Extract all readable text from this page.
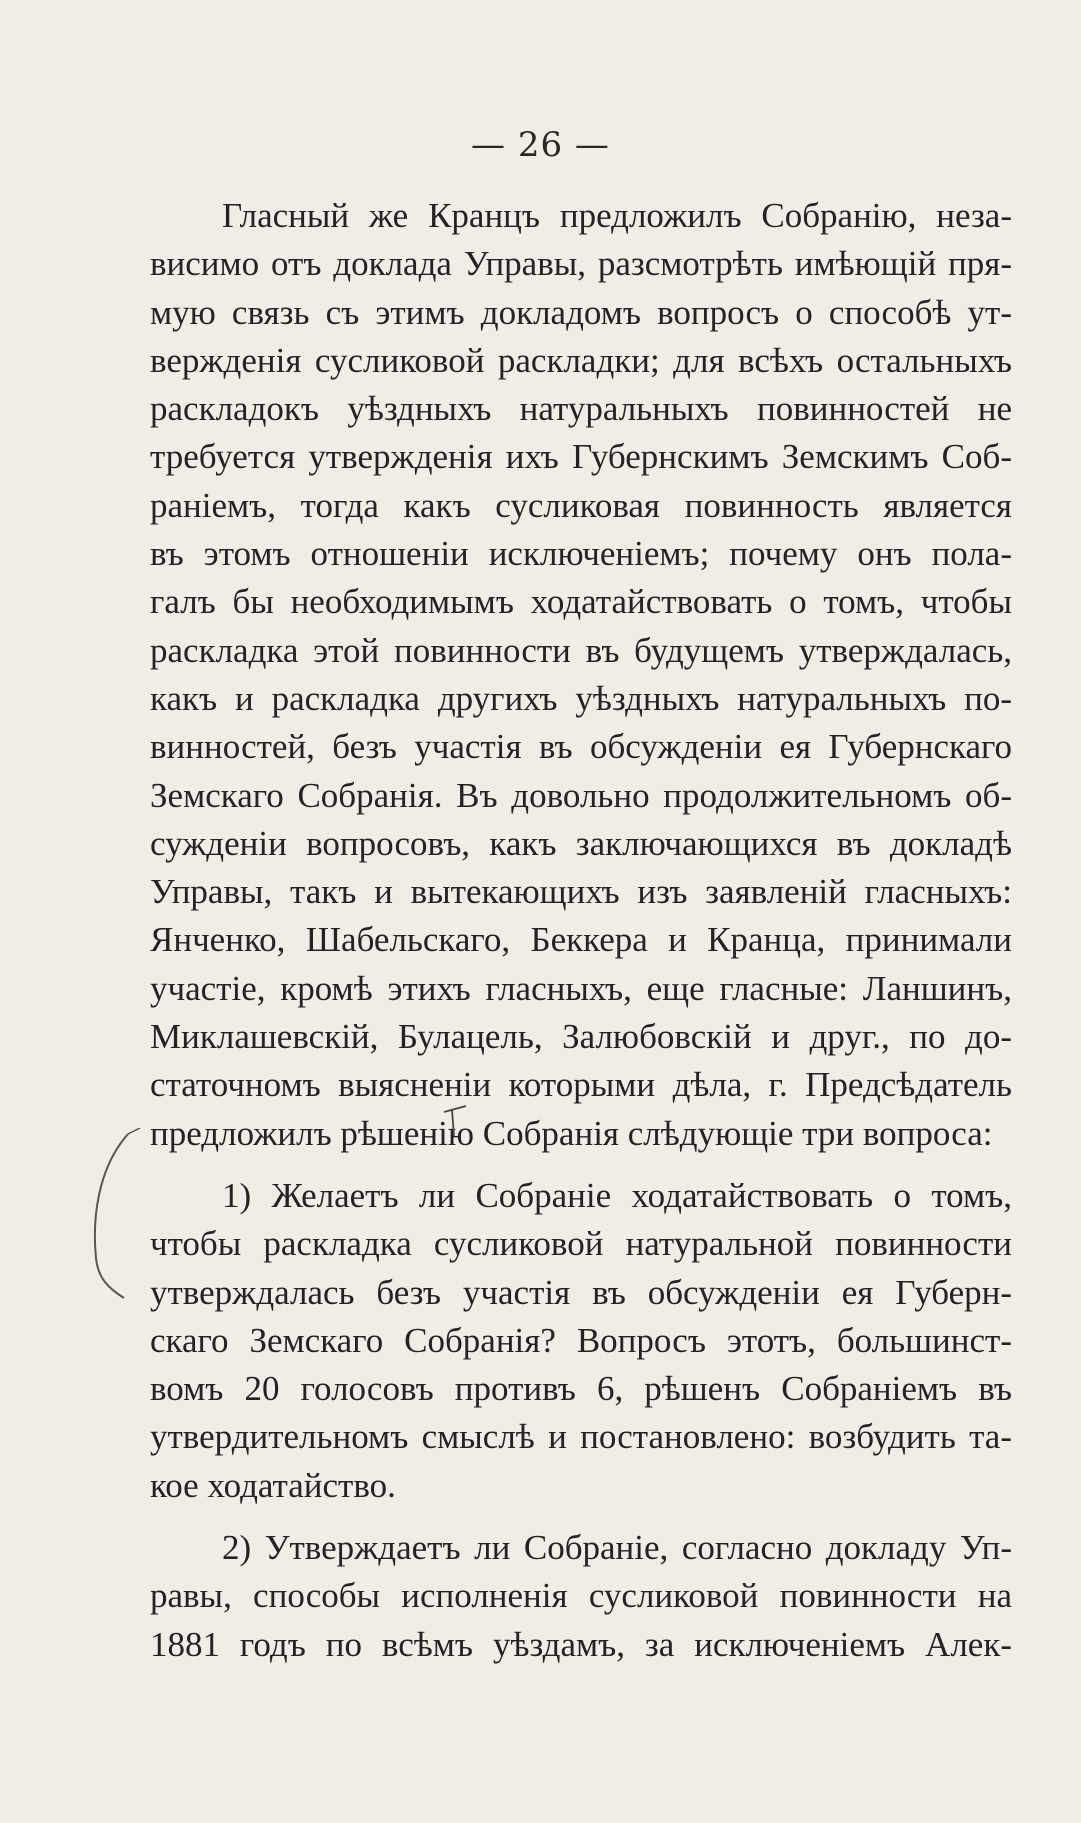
— 26 —
Гласный же Кранцъ предложилъ Собранію, неза-
висимо отъ доклада Управы, разсмотрѣть имѣющій пря-
мую связь съ этимъ докладомъ вопросъ о способѣ ут-
вержденія сусликовой раскладки; для всѣхъ остальныхъ
раскладокъ уѣздныхъ натуральныхъ повинностей не
требуется утвержденія ихъ Губернскимъ Земскимъ Соб-
раніемъ, тогда какъ сусликовая повинность является
въ этомъ отношеніи исключеніемъ; почему онъ пола-
галъ бы необходимымъ ходатайствовать о томъ, чтобы
раскладка этой повинности въ будущемъ утверждалась,
какъ и раскладка другихъ уѣздныхъ натуральныхъ по-
винностей, безъ участія въ обсужденіи ея Губернскаго
Земскаго Собранія. Въ довольно продолжительномъ об-
сужденіи вопросовъ, какъ заключающихся въ докладѣ
Управы, такъ и вытекающихъ изъ заявленій гласныхъ:
Янченко, Шабельскаго, Беккера и Кранца, принимали
участіе, кромѣ этихъ гласныхъ, еще гласные: Ланшинъ,
Миклашевскій, Булацель, Залюбовскій и друг., по до-
статочномъ выясненіи которыми дѣла, г. Предсѣдатель
предложилъ рѣшенію Собранія слѣдующіе три вопроса:
1) Желаетъ ли Собраніе ходатайствовать о томъ,
чтобы раскладка сусликовой натуральной повинности
утверждалась безъ участія въ обсужденіи ея Губерн-
скаго Земскаго Собранія? Вопросъ этотъ, большинст-
вомъ 20 голосовъ противъ 6, рѣшенъ Собраніемъ въ
утвердительномъ смыслѣ и постановлено: возбудить та-
кое ходатайство.
2) Утверждаетъ ли Собраніе, согласно докладу Уп-
равы, способы исполненія сусликовой повинности на
1881 годъ по всѣмъ уѣздамъ, за исключеніемъ Алек-
